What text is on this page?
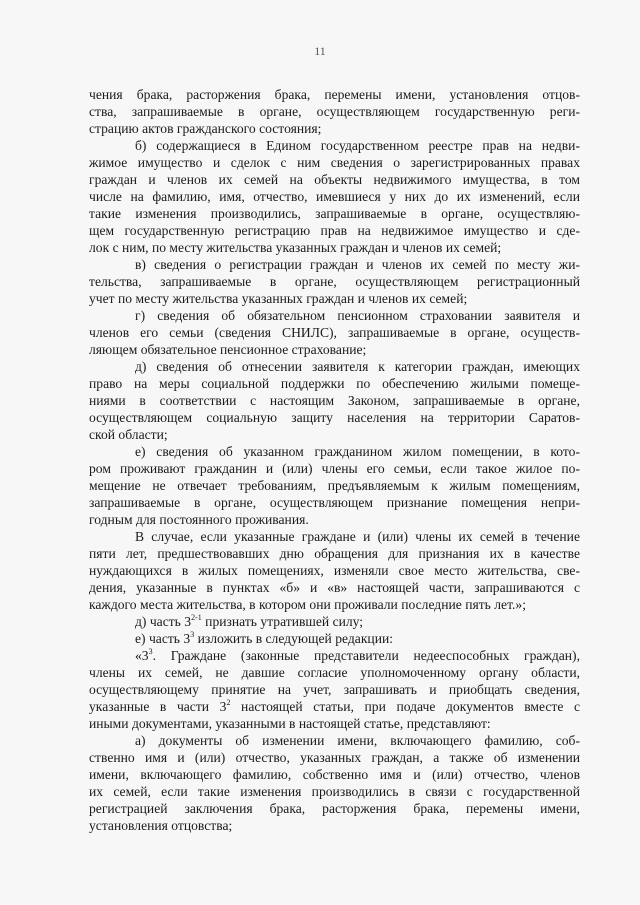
11
чения брака, расторжения брака, перемены имени, установления отцов-
ства, запрашиваемые в органе, осуществляющем государственную реги-
страцию актов гражданского состояния;
б) содержащиеся в Едином государственном реестре прав на недви-
жимое имущество и сделок с ним сведения о зарегистрированных правах
граждан и членов их семей на объекты недвижимого имущества, в том
числе на фамилию, имя, отчество, имевшиеся у них до их изменений, если
такие изменения производились, запрашиваемые в органе, осуществляю-
щем государственную регистрацию прав на недвижимое имущество и сде-
лок с ним, по месту жительства указанных граждан и членов их семей;
в) сведения о регистрации граждан и членов их семей по месту жи-
тельства, запрашиваемые в органе, осуществляющем регистрационный
учет по месту жительства указанных граждан и членов их семей;
г) сведения об обязательном пенсионном страховании заявителя и
членов его семьи (сведения СНИЛС), запрашиваемые в органе, осуществ-
ляющем обязательное пенсионное страхование;
д) сведения об отнесении заявителя к категории граждан, имеющих
право на меры социальной поддержки по обеспечению жилыми помеще-
ниями в соответствии с настоящим Законом, запрашиваемые в органе,
осуществляющем социальную защиту населения на территории Саратов-
ской области;
е) сведения об указанном гражданином жилом помещении, в кото-
ром проживают гражданин и (или) члены его семьи, если такое жилое по-
мещение не отвечает требованиям, предъявляемым к жилым помещениям,
запрашиваемые в органе, осуществляющем признание помещения непри-
годным для постоянного проживания.
В случае, если указанные граждане и (или) члены их семей в течение
пяти лет, предшествовавших дню обращения для признания их в качестве
нуждающихся в жилых помещениях, изменяли свое место жительства, све-
дения, указанные в пунктах «б» и «в» настоящей части, запрашиваются с
каждого места жительства, в котором они проживали последние пять лет.»;
д) часть 3$^{2-1}$ признать утратившей силу;
е) часть $3^3$ изложить в следующей редакции:
«$3^3$. Граждане (законные представители недееспособных граждан),
члены их семей, не давшие согласие уполномоченному органу области,
осуществляющему принятие на учет, запрашивать и приобщать сведения,
указанные в части $3^2$ настоящей статьи, при подаче документов вместе с
иными документами, указанными в настоящей статье, представляют:
а) документы об изменении имени, включающего фамилию, соб-
ственно имя и (или) отчество, указанных граждан, а также об изменении
имени, включающего фамилию, собственно имя и (или) отчество, членов
их семей, если такие изменения производились в связи с государственной
регистрацией заключения брака, расторжения брака, перемены имени,
установления отцовства;
